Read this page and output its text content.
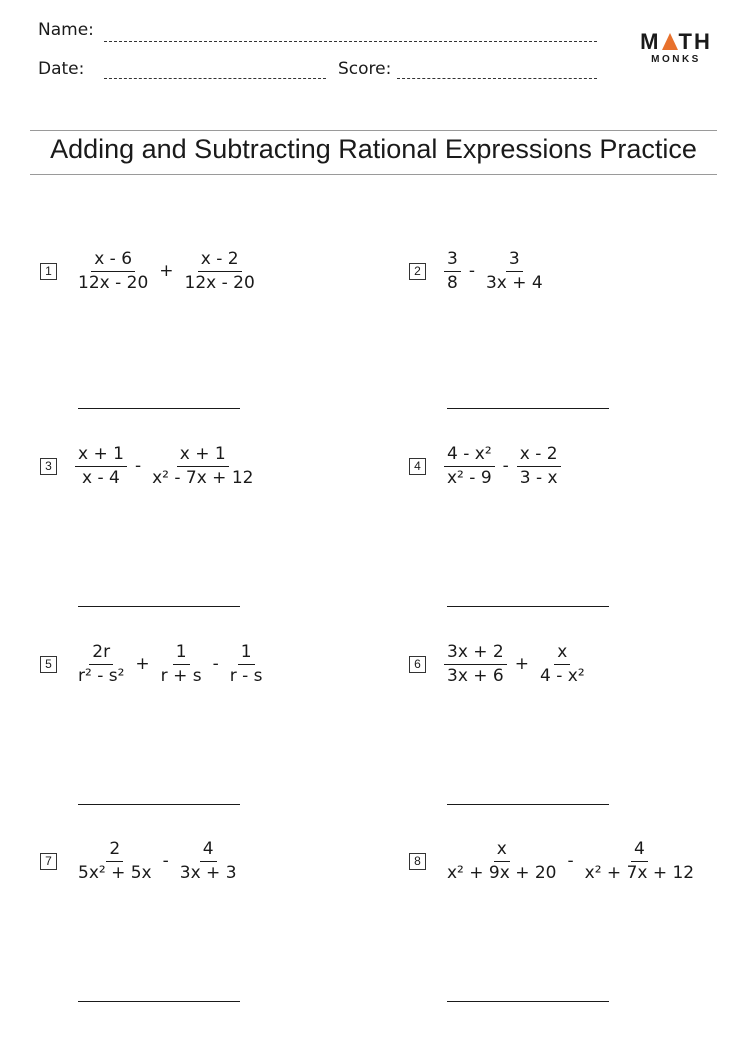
Name:
Date:	Score:
M TH
MONKS
Adding and Subtracting Rational Expressions Practice
1	$\frac{x - 6}{12x - 20} + \frac{x - 2}{12x - 20}$	2	$\frac{3}{8} - \frac{3}{3x + 4}$
3	$\frac{x + 1}{x - 4} - \frac{x + 1}{\text{x² - 7x + 12}}$	4	$\frac{\text{4 - x²}}{\text{x² - 9}} - \frac{x - 2}{3 - x}$
5	$\frac{2r}{\text{r² - s²}} + \frac{1}{r + s} - \frac{1}{r - s}$	6	$\frac{3x + 2}{3x + 6} + \frac{x}{\text{4 - x²}}$
7	$\frac{2}{\text{5x² + 5x}} - \frac{4}{3x + 3}$	8	$\frac{x}{\text{x² + 9x + 20}} - \frac{4}{\text{x² + 7x + 12}}$
